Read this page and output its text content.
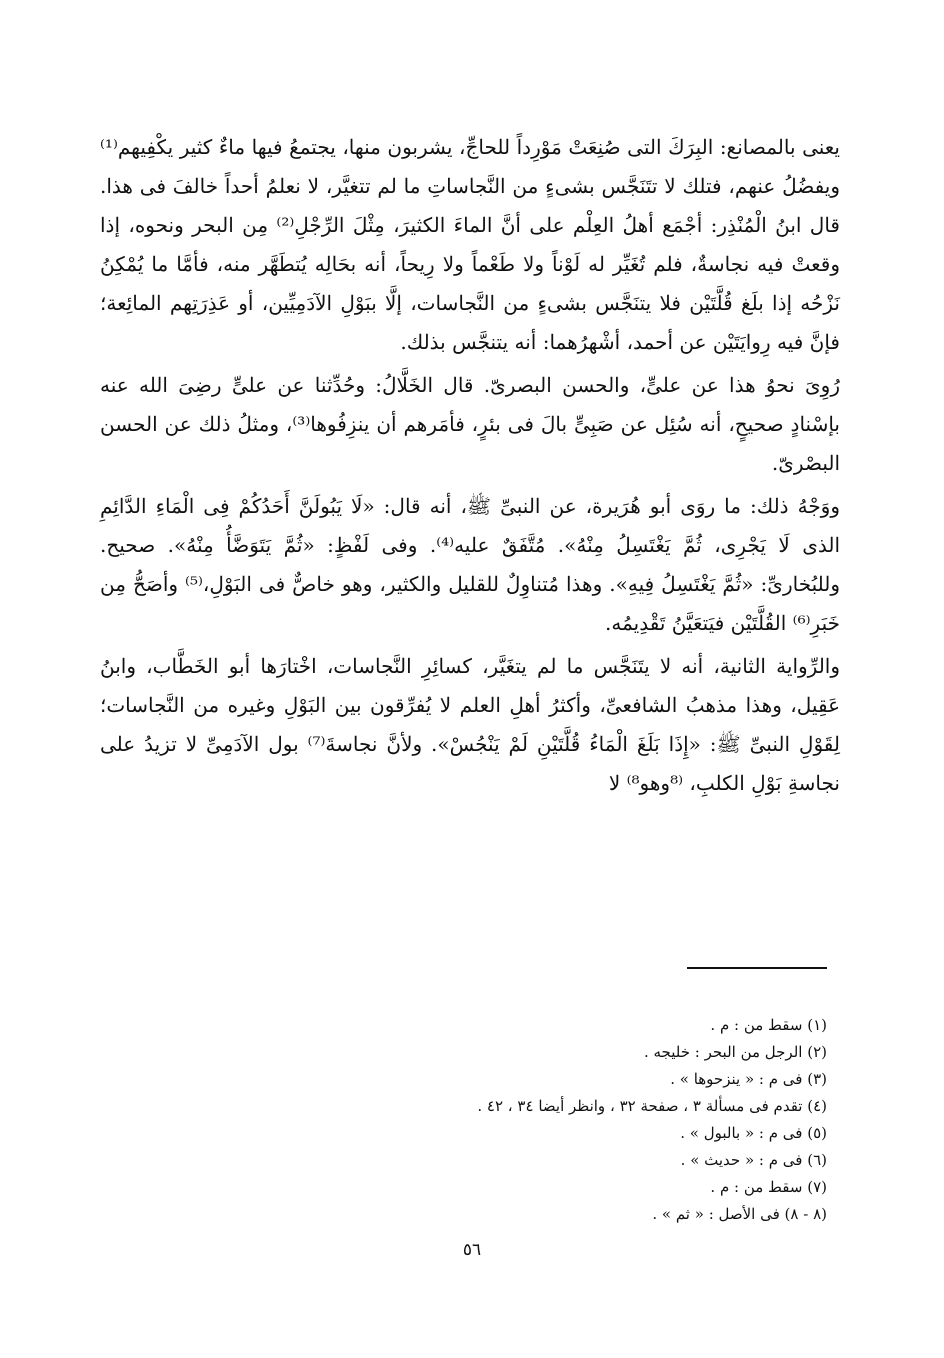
يعنى بالمصانع: البِرَكَ التى صُنِعَتْ مَوْرِداً للحاجِّ، يشربون منها، يجتمعُ فيها ماءٌ كثير يكْفِيهم⁽¹⁾ ويفضُلُ عنهم، فتلك لا تتَنَجَّس بشىءٍ من النَّجاساتِ ما لم تتغيَّر، لا نعلمُ أحداً خالفَ فى هذا. قال ابنُ الْمُنْذِر: أجْمَع أهلُ العِلْم على أنَّ الماءَ الكثيرَ، مِثْلَ الرِّجْلِ⁽²⁾ مِن البحر ونحوه، إذا وقعتْ فيه نجاسةٌ، فلم تُغَيِّر له لَوْناً ولا طَعْماً ولا رِيحاً، أنه بحَالِه يُتطَهَّر منه، فأمَّا ما يُمْكِنُ نَزْحُه إذا بلَغ قُلَّتَيْن فلا يتنَجَّس بشىءٍ من النَّجاسات، إلَّا ببَوْلِ الآدَمِيِّين، أو عَذِرَتِهم المائِعة؛ فإنَّ فيه رِوايَتَيْن عن أحمد، أشْهرُهما: أنه يتنجَّس بذلك.

رُوِىَ نحوُ هذا عن علىٍّ، والحسن البصرىّ. قال الخَلَّالُ: وحُدِّثنا عن علىٍّ رضِىَ الله عنه بإسْنادٍ صحيحٍ، أنه سُئِل عن صَبِىٍّ بالَ فى بئرٍ، فأمَرهم أن ينزِفُوها⁽³⁾، ومثلُ ذلك عن الحسن البصْرىّ.

ووَجْهُ ذلك: ما روَى أبو هُرَيرة، عن النبىِّ ﷺ، أنه قال: «لَا يَبُولَنَّ أَحَدُكُمْ فِى الْمَاءِ الدَّائِمِ الذى لَا يَجْرِى، ثُمَّ يَغْتَسِلُ مِنْهُ». مُتَّفَقٌ عليه⁽⁴⁾. وفى لَفْظٍ: «ثُمَّ يَتَوَضَّأُ مِنْهُ». صحيح. وللبُخارىِّ: «ثُمَّ يَغْتَسِلُ فِيهِ». وهذا مُتناوِلٌ للقليل والكثير، وهو خاصٌّ فى البَوْلِ،⁽⁵⁾ وأصَحُّ مِن خَبَرِ⁽⁶⁾ القُلَّتَيْن فيَتعَيَّنُ تَقْدِيمُه.

والرِّواية الثانية، أنه لا يتَنَجَّس ما لم يتغَيَّر، كسائِرِ النَّجاسات، اخْتارَها أبو الخَطَّاب، وابنُ عَقِيل، وهذا مذهبُ الشافعىِّ، وأكثرُ أهلِ العلم لا يُفرِّقون بين البَوْلِ وغيره من النَّجاسات؛ لِقَوْلِ النبىِّ ﷺ: «إِذَا بَلَغَ الْمَاءُ قُلَّتَيْنِ لَمْ يَنْجُسْ». ولأنَّ نجاسةَ⁽⁷⁾ بول الآدَمِىِّ لا تزيدُ على نجاسةِ بَوْلِ الكلبِ، ⁽⁸وهو⁸⁾ لا

(١) سقط من : م .
(٢) الرجل من البحر : خليجه .
(٣) فى م : « ينزحوها » .
(٤) تقدم فى مسألة ٣ ، صفحة ٣٢ ، وانظر أيضا ٣٤ ، ٤٢ .
(٥) فى م : « بالبول » .
(٦) فى م : « حديث » .
(٧) سقط من : م .
(٨ - ٨) فى الأصل : « ثم » .
٥٦
